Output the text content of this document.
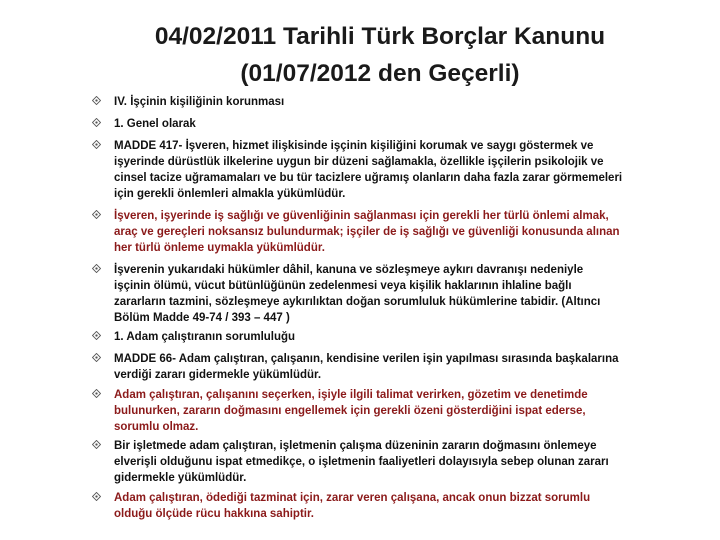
04/02/2011 Tarihli Türk Borçlar Kanunu
(01/07/2012 den Geçerli)
IV. İşçinin kişiliğinin korunması
1. Genel olarak
MADDE 417- İşveren, hizmet ilişkisinde işçinin kişiliğini korumak ve saygı göstermek ve
işyerinde dürüstlük ilkelerine uygun bir düzeni sağlamakla, özellikle işçilerin psikolojik ve
cinsel tacize uğramamaları ve bu tür tacizlere uğramış olanların daha fazla zarar görmemeleri
için gerekli önlemleri almakla yükümlüdür.
İşveren, işyerinde iş sağlığı ve güvenliğinin sağlanması için gerekli her türlü önlemi almak,
araç ve gereçleri noksansız bulundurmak; işçiler de iş sağlığı ve güvenliği konusunda alınan
her türlü önleme uymakla yükümlüdür.
İşverenin yukarıdaki hükümler dâhil, kanuna ve sözleşmeye aykırı davranışı nedeniyle
işçinin ölümü, vücut bütünlüğünün zedelenmesi veya kişilik haklarının ihlaline bağlı
zararların tazmini, sözleşmeye aykırılıktan doğan sorumluluk hükümlerine tabidir. (Altıncı
Bölüm Madde 49-74 / 393 – 447 )
1. Adam çalıştıranın sorumluluğu
MADDE 66- Adam çalıştıran, çalışanın, kendisine verilen işin yapılması sırasında başkalarına
verdiği zararı gidermekle yükümlüdür.
Adam çalıştıran, çalışanını seçerken, işiyle ilgili talimat verirken, gözetim ve denetimde
bulunurken, zararın doğmasını engellemek için gerekli özeni gösterdiğini ispat ederse,
sorumlu olmaz.
Bir işletmede adam çalıştıran, işletmenin çalışma düzeninin zararın doğmasını önlemeye
elverişli olduğunu ispat etmedikçe, o işletmenin faaliyetleri dolayısıyla sebep olunan zararı
gidermekle yükümlüdür.
Adam çalıştıran, ödediği tazminat için, zarar veren çalışana, ancak onun bizzat sorumlu
olduğu ölçüde rücu hakkına sahiptir.
